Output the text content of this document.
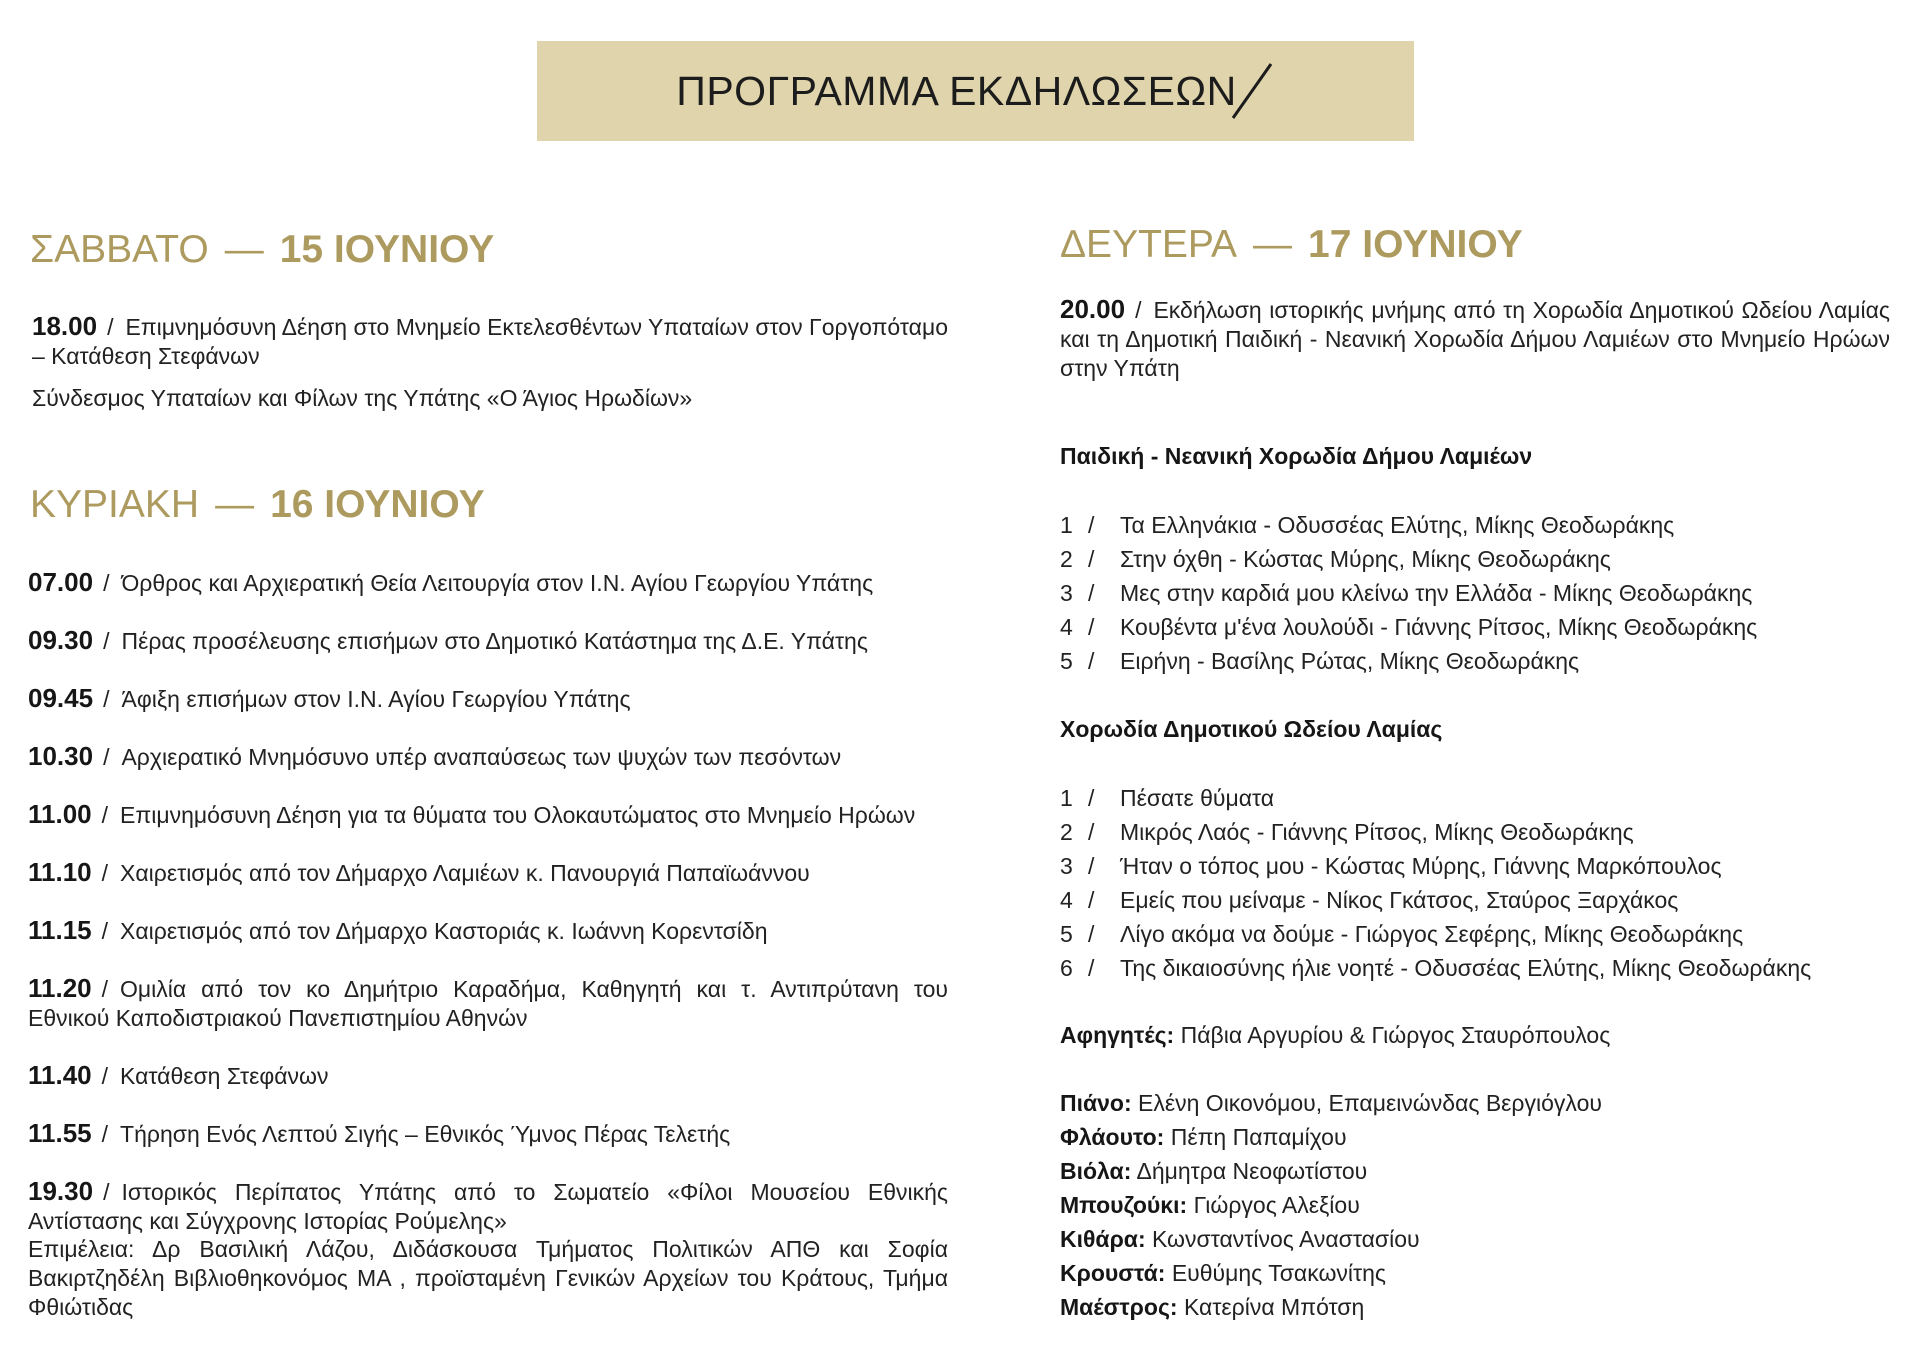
ΠΡΟΓΡΑΜΜΑ ΕΚΔΗΛΩΣΕΩΝ
ΣΑΒΒΑΤΟ — 15 ΙΟΥΝΙΟΥ
18.00 / Επιμνημόσυνη Δέηση στο Μνημείο Εκτελεσθέντων Υπαταίων στον Γοργοπόταμο – Κατάθεση Στεφάνων
Σύνδεσμος Υπαταίων και Φίλων της Υπάτης «Ο Άγιος Ηρωδίων»
ΚΥΡΙΑΚΗ — 16 ΙΟΥΝΙΟΥ
07.00 / Όρθρος και Αρχιερατική Θεία Λειτουργία στον Ι.Ν. Αγίου Γεωργίου Υπάτης
09.30 / Πέρας προσέλευσης επισήμων στο Δημοτικό Κατάστημα της Δ.Ε. Υπάτης
09.45 / Άφιξη επισήμων στον Ι.Ν. Αγίου Γεωργίου Υπάτης
10.30 / Αρχιερατικό Μνημόσυνο υπέρ αναπαύσεως των ψυχών των πεσόντων
11.00 / Επιμνημόσυνη Δέηση για τα θύματα του Ολοκαυτώματος στο Μνημείο Ηρώων
11.10 / Χαιρετισμός από τον Δήμαρχο Λαμιέων κ. Πανουργιά Παπαϊωάννου
11.15 / Χαιρετισμός από τον Δήμαρχο Καστοριάς κ. Ιωάννη Κορεντσίδη
11.20 / Ομιλία από τον κο Δημήτριο Καραδήμα, Καθηγητή και τ. Αντιπρύτανη του Εθνικού Καποδιστριακού Πανεπιστημίου Αθηνών
11.40 / Κατάθεση Στεφάνων
11.55 / Τήρηση Ενός Λεπτού Σιγής – Εθνικός Ύμνος Πέρας Τελετής
19.30 / Ιστορικός Περίπατος Υπάτης από το Σωματείο «Φίλοι Μουσείου Εθνικής Αντίστασης και Σύγχρονης Ιστορίας Ρούμελης»
Επιμέλεια: Δρ Βασιλική Λάζου, Διδάσκουσα Τμήματος Πολιτικών ΑΠΘ και Σοφία Βακιρτζηδέλη Βιβλιοθηκονόμος ΜΑ , προϊσταμένη Γενικών Αρχείων του Κράτους, Τμήμα Φθιώτιδας
ΔΕΥΤΕΡΑ — 17 ΙΟΥΝΙΟΥ
20.00 / Εκδήλωση ιστορικής μνήμης από τη Χορωδία Δημοτικού Ωδείου Λαμίας και τη Δημοτική Παιδική - Νεανική Χορωδία Δήμου Λαμιέων στο Μνημείο Ηρώων στην Υπάτη
Παιδική - Νεανική Χορωδία Δήμου Λαμιέων
1 / Τα Ελληνάκια - Οδυσσέας Ελύτης, Μίκης Θεοδωράκης
2 / Στην όχθη - Κώστας Μύρης, Μίκης Θεοδωράκης
3 / Μες στην καρδιά μου κλείνω την Ελλάδα - Μίκης Θεοδωράκης
4 / Κουβέντα μ'ένα λουλούδι - Γιάννης Ρίτσος, Μίκης Θεοδωράκης
5 / Ειρήνη - Βασίλης Ρώτας, Μίκης Θεοδωράκης
Χορωδία Δημοτικού Ωδείου Λαμίας
1 / Πέσατε θύματα
2 / Μικρός Λαός - Γιάννης Ρίτσος, Μίκης Θεοδωράκης
3 / Ήταν ο τόπος μου - Κώστας Μύρης, Γιάννης Μαρκόπουλος
4 / Εμείς που μείναμε - Νίκος Γκάτσος, Σταύρος Ξαρχάκος
5 / Λίγο ακόμα να δούμε - Γιώργος Σεφέρης, Μίκης Θεοδωράκης
6 / Της δικαιοσύνης ήλιε νοητέ - Οδυσσέας Ελύτης, Μίκης Θεοδωράκης
Αφηγητές: Πάβια Αργυρίου & Γιώργος Σταυρόπουλος
Πιάνο: Ελένη Οικονόμου, Επαμεινώνδας Βεργιόγλου
Φλάουτο: Πέπη Παπαμίχου
Βιόλα: Δήμητρα Νεοφωτίστου
Μπουζούκι: Γιώργος Αλεξίου
Κιθάρα: Κωνσταντίνος Αναστασίου
Κρουστά: Ευθύμης Τσακωνίτης
Μαέστρος: Κατερίνα Μπότση
